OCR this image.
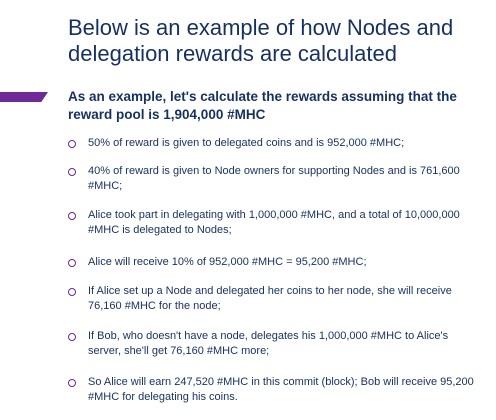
Below is an example of how Nodes and delegation rewards are calculated

As an example, let's calculate the rewards assuming that the reward pool is 1,904,000 #MHC

50% of reward is given to delegated coins and is 952,000 #MHC;
40% of reward is given to Node owners for supporting Nodes and is 761,600 #MHC;
Alice took part in delegating with 1,000,000 #MHC, and a total of 10,000,000 #MHC is delegated to Nodes;
Alice will receive 10% of 952,000 #MHC = 95,200 #MHC;
If Alice set up a Node and delegated her coins to her node, she will receive 76,160 #MHC for the node;
If Bob, who doesn't have a node, delegates his 1,000,000 #MHC to Alice's server, she'll get 76,160 #MHC more;
So Alice will earn 247,520 #MHC in this commit (block); Bob will receive 95,200 #MHC for delegating his coins.
